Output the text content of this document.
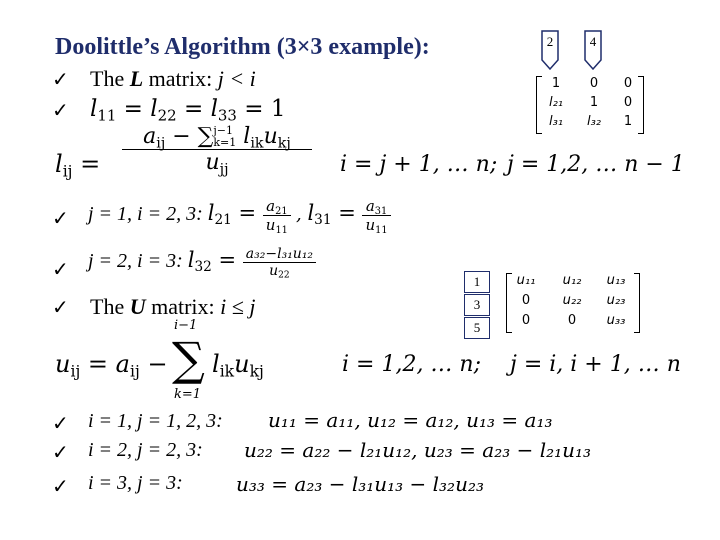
Doolittle’s Algorithm (3×3 example):	2	4
1	0	0
l₂₁	1	0
l₃₁	l₃₂	1
✓ The L matrix: j < i
✓ $l_{11} = l_{22} = l_{33} = 1$
$l_{ij} = a_{ij}$ − ∑ j−1
k=1 $l_{ik}u_{kj}$
$u_{jj}$ i = j + 1, … n; j = 1,2, … n − 1
✓ j = 1, i = 2, 3: $l_{21} = \frac{a_{21}}{u_{11}}$ , $l_{31} = \frac{a_{31}}{u_{11}}$
✓ j = 2, i = 3: $l_{32} = \frac{\text{a₃₂−l₃₁u₁₂}}{u_{22}}$
1
3
5
u₁₁	u₁₂	u₁₃
0	u₂₂	u₂₃
0	0	u₃₃
✓ The U matrix: i ≤ j
$u_{ij} = a_{ij}$ −
i−1
∑
k=1
$l_{ik}u_{kj}$	i = 1,2, … n; j = i, i + 1, … n
✓ i = 1, j = 1, 2, 3: u₁₁ = a₁₁, u₁₂ = a₁₂, u₁₃ = a₁₃
✓ i = 2, j = 2, 3: u₂₂ = a₂₂ − l₂₁u₁₂, u₂₃ = a₂₃ − l₂₁u₁₃
✓ i = 3, j = 3:	u₃₃ = a₂₃ − l₃₁u₁₃ − l₃₂u₂₃
